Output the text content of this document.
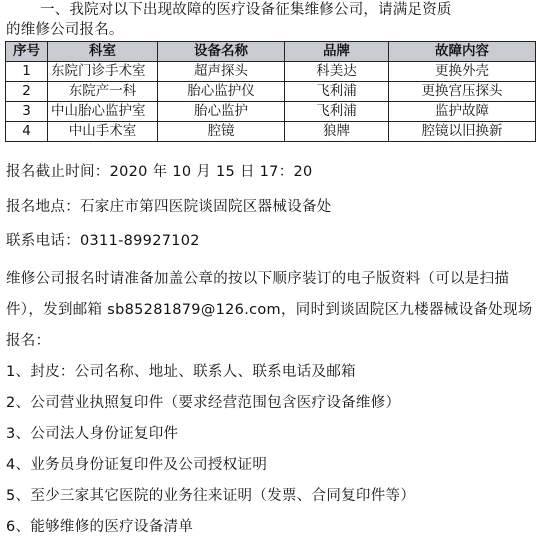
一、我院对以下出现故障的医疗设备征集维修公司，请满足资质
的维修公司报名。
序号	科室	设备名称	品牌	故障内容
1	东院门诊手术室	超声探头	科美达	更换外壳
2	东院产一科	胎心监护仪	飞利浦	更换宫压探头
3	中山胎心监护室	胎心监护	飞利浦	监护故障
4	中山手术室	腔镜	狼牌	腔镜以旧换新
报名截止时间：2020 年 10 月 15 日 17：20
报名地点：石家庄市第四医院谈固院区器械设备处
联系电话：0311-89927102
维修公司报名时请准备加盖公章的按以下顺序装订的电子版资料（可以是扫描件），发到邮箱 sb85281879@126.com，同时到谈固院区九楼器械设备处现场报名：
1、封皮：公司名称、地址、联系人、联系电话及邮箱
2、公司营业执照复印件（要求经营范围包含医疗设备维修）
3、公司法人身份证复印件
4、业务员身份证复印件及公司授权证明
5、至少三家其它医院的业务往来证明（发票、合同复印件等）
6、能够维修的医疗设备清单
